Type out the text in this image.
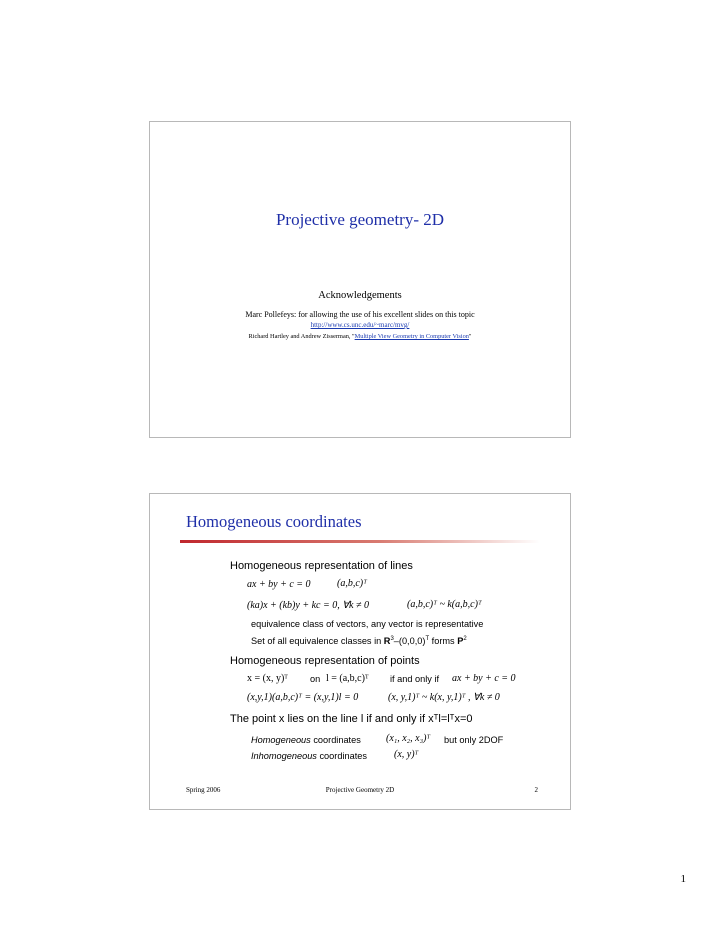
Projective geometry- 2D
Acknowledgements
Marc Pollefeys: for allowing the use of his excellent slides on this topic
http://www.cs.unc.edu/~marc/mvg/
Richard Hartley and Andrew Zisserman, "Multiple View Geometry in Computer Vision"
Homogeneous coordinates
Homogeneous representation of lines
ax + by + c = 0	(a,b,c)ᵀ
(ka)x + (kb)y + kc = 0, ∀k ≠ 0	(a,b,c)ᵀ ~ k(a,b,c)ᵀ
equivalence class of vectors, any vector is representative
Set of all equivalence classes in $R^3-(0,0,0)^T$ forms $P^2$
Homogeneous representation of points
x = (x, y)ᵀ on l = (a,b,c)ᵀ if and only if ax + by + c = 0
(x,y,1)(a,b,c)ᵀ = (x,y,1)l = 0	(x, y,1)ᵀ ~ k(x, y,1)ᵀ , ∀k ≠ 0
The point x lies on the line l if and only if xᵀl=lᵀx=0
Homogeneous coordinates	(x₁, x₂, x₃)ᵀ but only 2DOF
Inhomogeneous coordinates	(x, y)ᵀ
Spring 2006	Projective Geometry 2D	2
1
